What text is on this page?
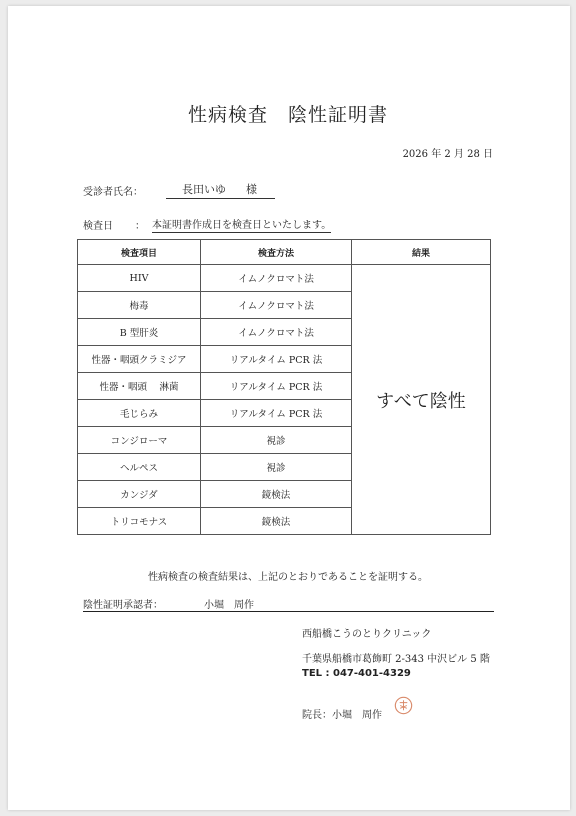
性病検査　陰性証明書
2026 年 2 月 28 日
受診者氏名：	長田いゆ 様
検査日 ： 本証明書作成日を検査日といたします。
検査項目	検査方法	結果
HIV	イムノクロマト法	すべて陰性
梅毒	イムノクロマト法	
B 型肝炎	イムノクロマト法	
性器・咽頭クラミジア	リアルタイム PCR 法	
性器・咽頭　 淋菌	リアルタイム PCR 法	
毛じらみ	リアルタイム PCR 法	
コンジローマ	視診	
ヘルペス	視診	
カンジダ	鏡検法	
トリコモナス	鏡検法	
性病検査の検査結果は、上記のとおりであることを証明する。
陰性証明承認者：	小堀　周作
西船橋こうのとりクリニック
千葉県船橋市葛飾町 2-343 中沢ビル 5 階
TEL : 047-401-4329
院長：小堀　周作
